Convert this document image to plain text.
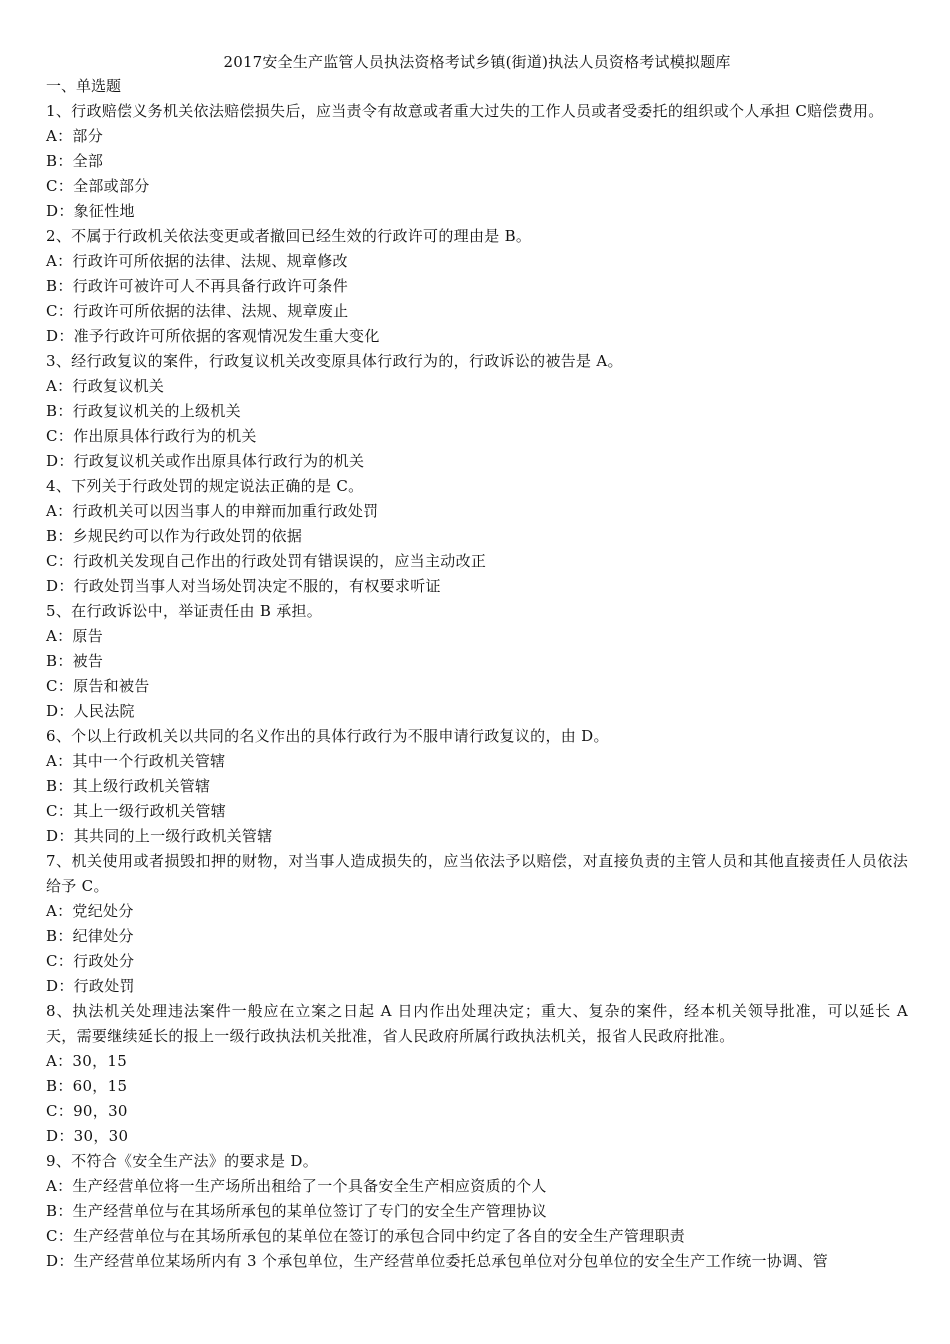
2017安全生产监管人员执法资格考试乡镇(街道)执法人员资格考试模拟题库
一、单选题
1、行政赔偿义务机关依法赔偿损失后，应当责令有故意或者重大过失的工作人员或者受委托的组织或个人承担 C赔偿费用。
A：部分
B：全部
C：全部或部分
D：象征性地
2、不属于行政机关依法变更或者撤回已经生效的行政许可的理由是 B。
A：行政许可所依据的法律、法规、规章修改
B：行政许可被许可人不再具备行政许可条件
C：行政许可所依据的法律、法规、规章废止
D：准予行政许可所依据的客观情况发生重大变化
3、经行政复议的案件，行政复议机关改变原具体行政行为的，行政诉讼的被告是 A。
A：行政复议机关
B：行政复议机关的上级机关
C：作出原具体行政行为的机关
D：行政复议机关或作出原具体行政行为的机关
4、下列关于行政处罚的规定说法正确的是 C。
A：行政机关可以因当事人的申辩而加重行政处罚
B：乡规民约可以作为行政处罚的依据
C：行政机关发现自己作出的行政处罚有错误误的，应当主动改正
D：行政处罚当事人对当场处罚决定不服的，有权要求听证
5、在行政诉讼中，举证责任由 B 承担。
A：原告
B：被告
C：原告和被告
D：人民法院
6、个以上行政机关以共同的名义作出的具体行政行为不服申请行政复议的，由 D。
A：其中一个行政机关管辖
B：其上级行政机关管辖
C：其上一级行政机关管辖
D：其共同的上一级行政机关管辖
7、机关使用或者损毁扣押的财物，对当事人造成损失的，应当依法予以赔偿，对直接负责的主管人员和其他直接责任人员依法给予 C。
A：党纪处分
B：纪律处分
C：行政处分
D：行政处罚
8、执法机关处理违法案件一般应在立案之日起 A 日内作出处理决定；重大、复杂的案件，经本机关领导批准，可以延长 A 天，需要继续延长的报上一级行政执法机关批准，省人民政府所属行政执法机关，报省人民政府批准。
A：30，15
B：60，15
C：90，30
D：30，30
9、不符合《安全生产法》的要求是 D。
A：生产经营单位将一生产场所出租给了一个具备安全生产相应资质的个人
B：生产经营单位与在其场所承包的某单位签订了专门的安全生产管理协议
C：生产经营单位与在其场所承包的某单位在签订的承包合同中约定了各自的安全生产管理职责
D：生产经营单位某场所内有 3 个承包单位，生产经营单位委托总承包单位对分包单位的安全生产工作统一协调、管
